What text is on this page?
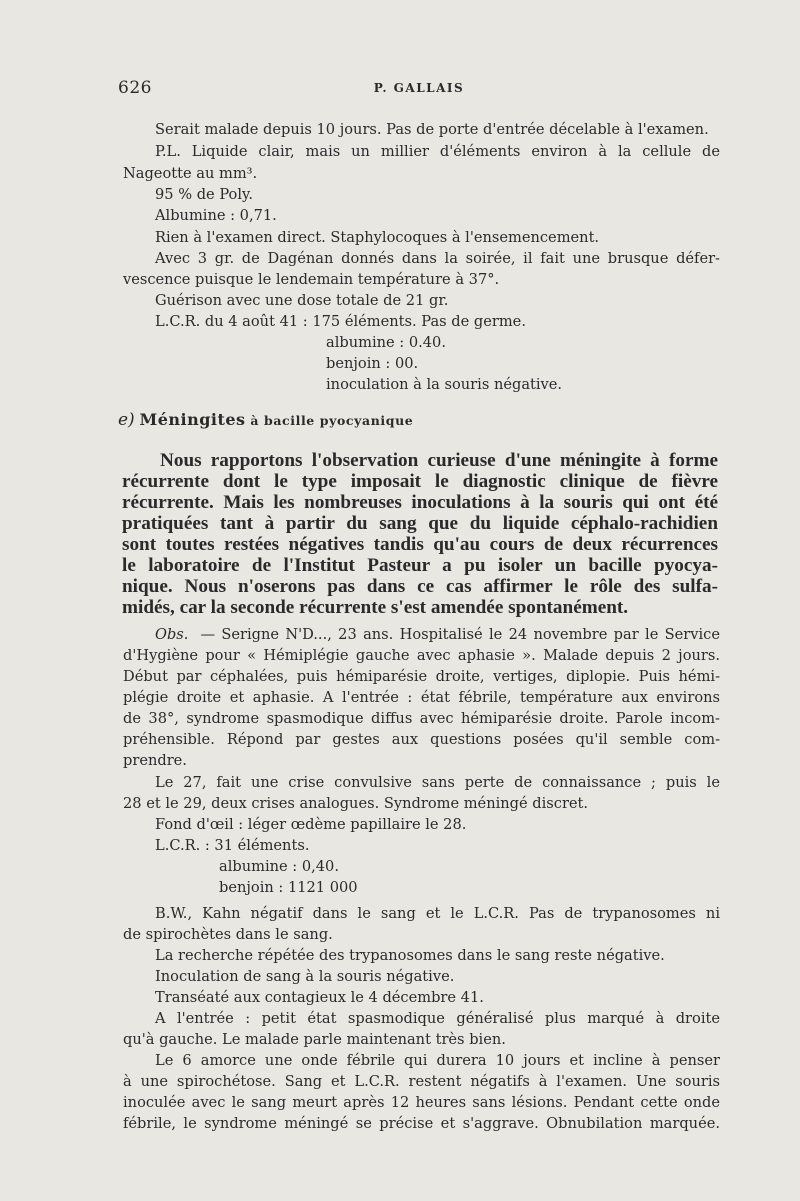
626	P. GALLAIS
Serait malade depuis 10 jours. Pas de porte d'entrée décelable à l'examen.
P.L. Liquide clair, mais un millier d'éléments environ à la cellule de
Nageotte au mm³.
95 % de Poly.
Albumine : 0,71.
Rien à l'examen direct. Staphylocoques à l'ensemencement.
Avec 3 gr. de Dagénan donnés dans la soirée, il fait une brusque défer-
vescence puisque le lendemain température à 37°.
Guérison avec une dose totale de 21 gr.
L.C.R. du 4 août 41 : 175 éléments. Pas de germe.
albumine : 0.40.
benjoin : 00.
inoculation à la souris négative.
e) Méningites à bacille pyocyanique
Nous rapportons l'observation curieuse d'une méningite à forme
récurrente dont le type imposait le diagnostic clinique de fièvre
récurrente. Mais les nombreuses inoculations à la souris qui ont été
pratiquées tant à partir du sang que du liquide céphalo-rachidien
sont toutes restées négatives tandis qu'au cours de deux récurrences
le laboratoire de l'Institut Pasteur a pu isoler un bacille pyocya-
nique. Nous n'oserons pas dans ce cas affirmer le rôle des sulfa-
midés, car la seconde récurrente s'est amendée spontanément.
Obs. — Serigne N'D..., 23 ans. Hospitalisé le 24 novembre par le Service
d'Hygiène pour « Hémiplégie gauche avec aphasie ». Malade depuis 2 jours.
Début par céphalées, puis hémiparésie droite, vertiges, diplopie. Puis hémi-
plégie droite et aphasie. A l'entrée : état fébrile, température aux environs
de 38°, syndrome spasmodique diffus avec hémiparésie droite. Parole incom-
préhensible. Répond par gestes aux questions posées qu'il semble com-
prendre.
Le 27, fait une crise convulsive sans perte de connaissance ; puis le
28 et le 29, deux crises analogues. Syndrome méningé discret.
Fond d'œil : léger œdème papillaire le 28.
L.C.R. : 31 éléments.
albumine : 0,40.
benjoin : 1121 000
B.W., Kahn négatif dans le sang et le L.C.R. Pas de trypanosomes ni
de spirochètes dans le sang.
La recherche répétée des trypanosomes dans le sang reste négative.
Inoculation de sang à la souris négative.
Transéaté aux contagieux le 4 décembre 41.
A l'entrée : petit état spasmodique généralisé plus marqué à droite
qu'à gauche. Le malade parle maintenant très bien.
Le 6 amorce une onde fébrile qui durera 10 jours et incline à penser
à une spirochétose. Sang et L.C.R. restent négatifs à l'examen. Une souris
inoculée avec le sang meurt après 12 heures sans lésions. Pendant cette onde
fébrile, le syndrome méningé se précise et s'aggrave. Obnubilation marquée.
